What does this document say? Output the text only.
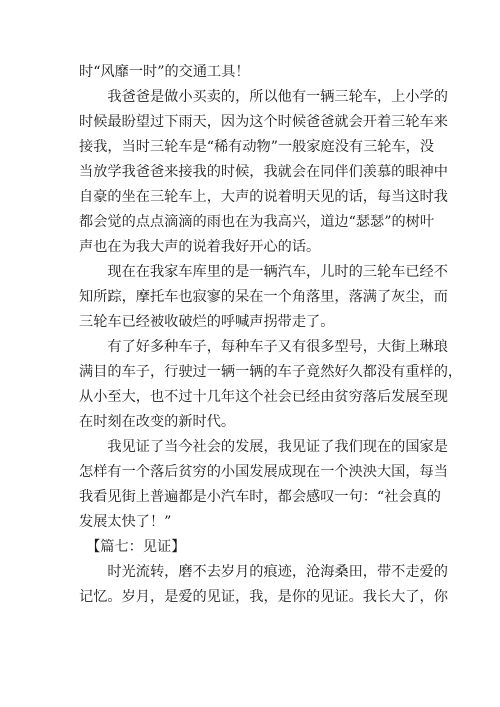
时“风靡一时”的交通工具！

　　我爸爸是做小买卖的，所以他有一辆三轮车，上小学的

时候最盼望过下雨天，因为这个时候爸爸就会开着三轮车来

接我，当时三轮车是“稀有动物”一般家庭没有三轮车，没

当放学我爸爸来接我的时候，我就会在同伴们羡慕的眼神中

自豪的坐在三轮车上，大声的说着明天见的话，每当这时我

都会觉的点点滴滴的雨也在为我高兴，道边“瑟瑟”的树叶

声也在为我大声的说着我好开心的话。

　　现在在我家车库里的是一辆汽车，儿时的三轮车已经不

知所踪，摩托车也寂寥的呆在一个角落里，落满了灰尘，而

三轮车已经被收破烂的呼喊声拐带走了。

　　有了好多种车子，每种车子又有很多型号，大街上琳琅

满目的车子，行驶过一辆一辆的车子竟然好久都没有重样的，

从小至大，也不过十几年这个社会已经由贫穷落后发展至现

在时刻在改变的新时代。

　　我见证了当今社会的发展，我见证了我们现在的国家是

怎样有一个落后贫穷的小国发展成现在一个泱泱大国，每当

我看见街上普遍都是小汽车时，都会感叹一句：“社会真的

发展太快了！”

　【篇七：见证】

　　时光流转，磨不去岁月的痕迹，沧海桑田，带不走爱的

记忆。岁月，是爱的见证，我，是你的见证。我长大了，你
